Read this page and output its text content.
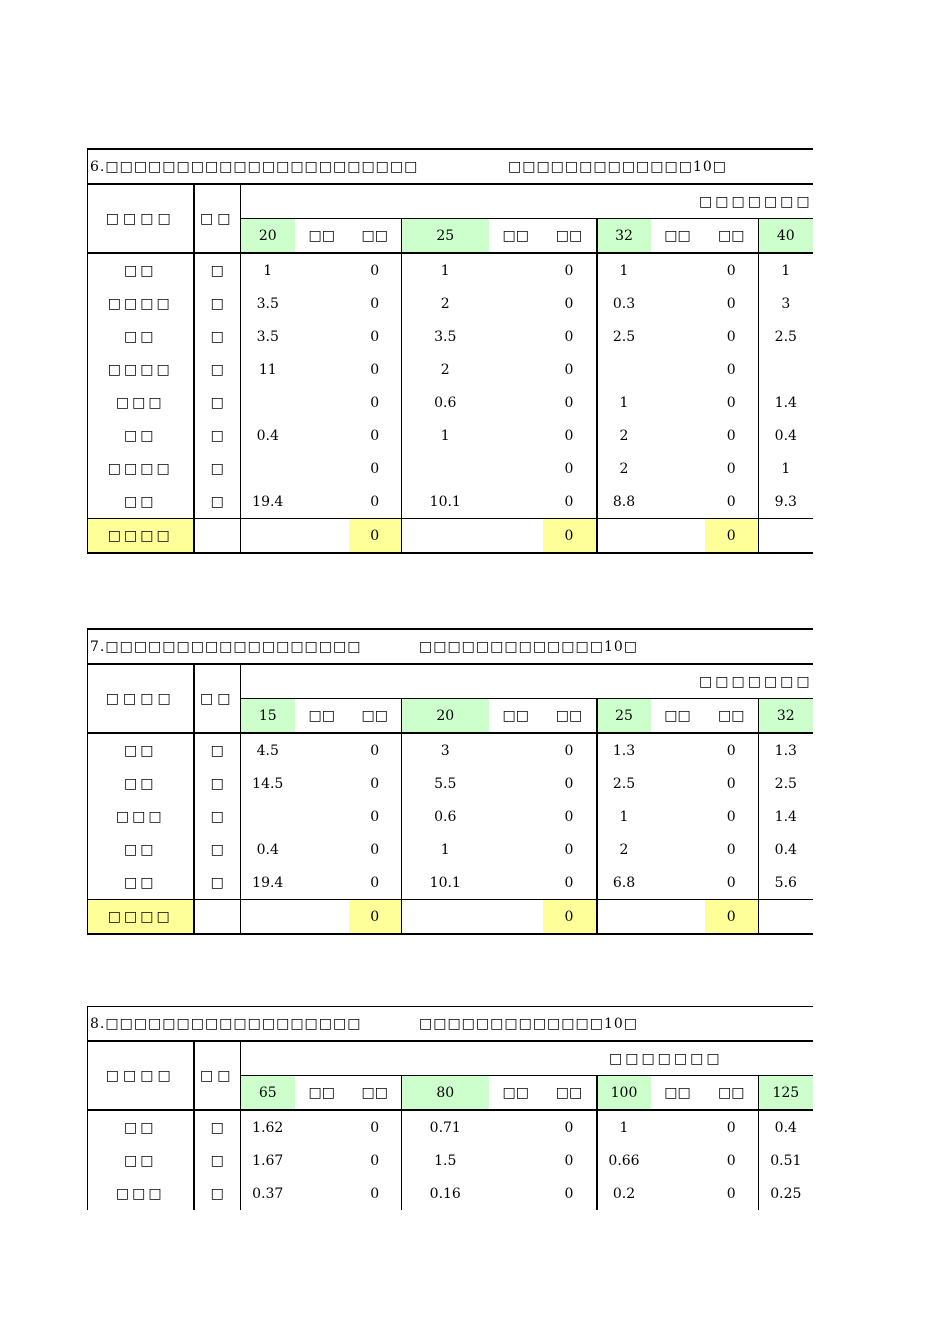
6.□□□□□□□□□□□□□□□□□□□□□□ □□□□□□□□□□□□□10□												

□□□□	□□	□□□□□□□										
		20	□□	□□	25	□□	□□	32	□□	□□	40		
□□	□	1		0	1		0	1		0	1	
□□□□	□	3.5		0	2		0	0.3		0	3	
□□	□	3.5		0	3.5		0	2.5		0	2.5	
□□□□	□	11		0	2		0			0		
□□□	□			0	0.6		0	1		0	1.4	
□□	□	0.4		0	1		0	2		0	0.4	
□□□□	□			0			0	2		0	1	
□□	□	19.4		0	10.1		0	8.8		0	9.3	
□□□□				0			0			0		
7.□□□□□□□□□□□□□□□□□□ □□□□□□□□□□□□□10□												

□□□□	□□	□□□□□□□										
		15	□□	□□	20	□□	□□	25	□□	□□	32		
□□	□	4.5		0	3		0	1.3		0	1.3	
□□	□	14.5		0	5.5		0	2.5		0	2.5	
□□□	□			0	0.6		0	1		0	1.4	
□□	□	0.4		0	1		0	2		0	0.4	
□□	□	19.4		0	10.1		0	6.8		0	5.6	
□□□□				0			0			0		
8.□□□□□□□□□□□□□□□□□□ □□□□□□□□□□□□□10□												

□□□□	□□	□□□□□□□										
		65	□□	□□	80	□□	□□	100	□□	□□	125		
□□	□	1.62		0	0.71		0	1		0	0.4	
□□	□	1.67		0	1.5		0	0.66		0	0.51	
□□□	□	0.37		0	0.16		0	0.2		0	0.25	
